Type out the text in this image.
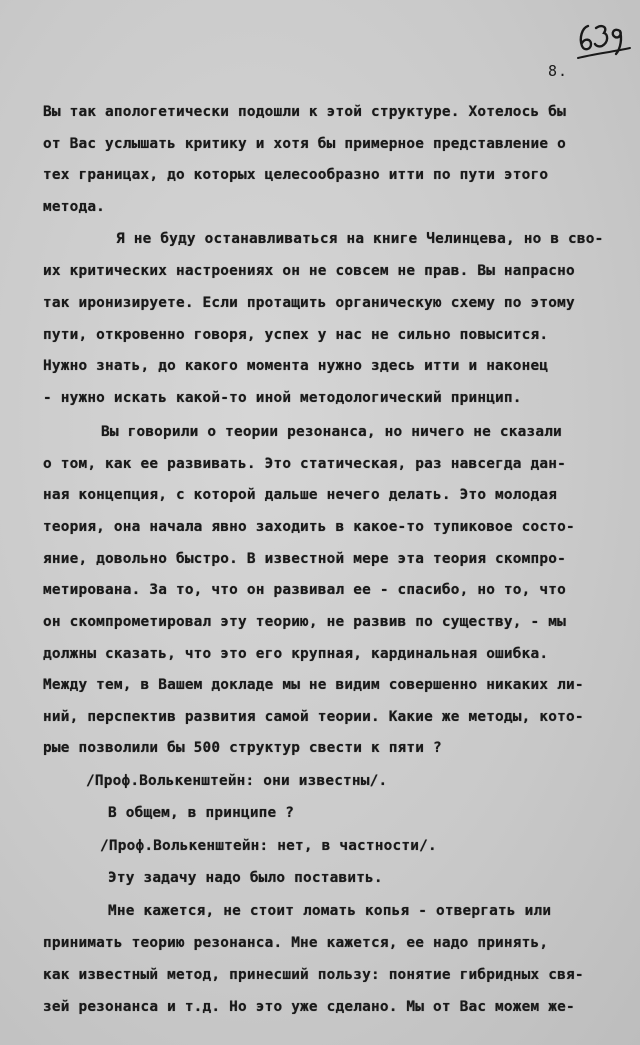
8.
Вы так апологетически подошли к этой структуре. Хотелось бы
от Вас услышать критику и хотя бы примерное представление о
тех границах, до которых целесообразно итти по пути этого
метода.
Я не буду останавливаться на книге Челинцева, но в сво-
их критических настроениях он не совсем не прав. Вы напрасно
так иронизируете. Если протащить органическую схему по этому
пути, откровенно говоря, успех у нас не сильно повысится.
Нужно знать, до какого момента нужно здесь итти и наконец
- нужно искать какой-то иной методологический принцип.
Вы говорили о теории резонанса, но ничего не сказали
о том, как ее развивать. Это статическая, раз навсегда дан-
ная концепция, с которой дальше нечего делать. Это молодая
теория, она начала явно заходить в какое-то тупиковое состо-
яние, довольно быстро. В известной мере эта теория скомпро-
метирована. За то, что он развивал ее - спасибо, но то, что
он скомпрометировал эту теорию, не развив по существу, - мы
должны сказать, что это его крупная, кардинальная ошибка.
Между тем, в Вашем докладе мы не видим совершенно никаких ли-
ний, перспектив развития самой теории. Какие же методы, кото-
рые позволили бы 500 структур свести к пяти ?
/Проф.Волькенштейн: они известны/.
В общем, в принципе ?
/Проф.Волькенштейн: нет, в частности/.
Эту задачу надо было поставить.
Мне кажется, не стоит ломать копья - отвергать или
принимать теорию резонанса. Мне кажется, ее надо принять,
как известный метод, принесший пользу: понятие гибридных свя-
зей резонанса и т.д. Но это уже сделано. Мы от Вас можем же-
